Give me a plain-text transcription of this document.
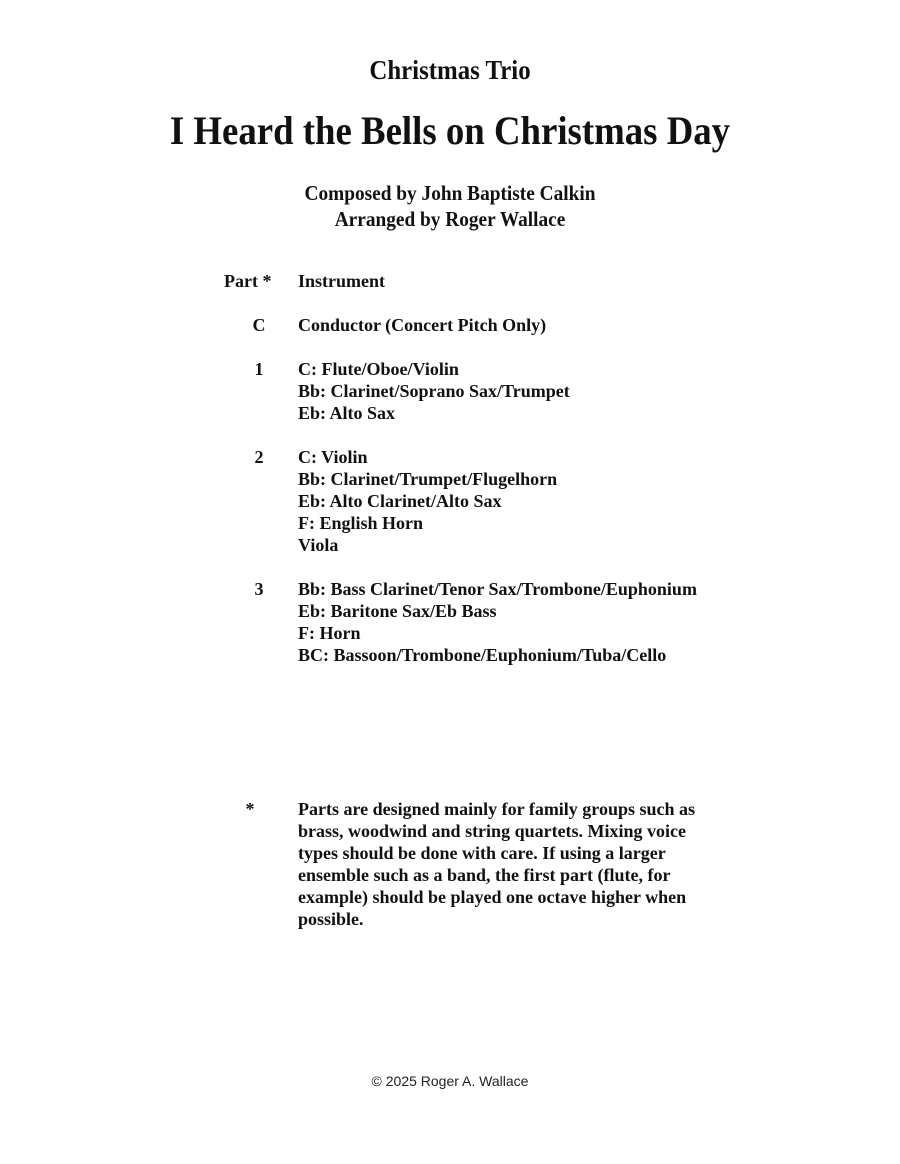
Christmas Trio
I Heard the Bells on Christmas Day
Composed by John Baptiste Calkin
Arranged by Roger Wallace
Part *	Instrument
C	Conductor (Concert Pitch Only)
1	C: Flute/Oboe/Violin
Bb: Clarinet/Soprano Sax/Trumpet
Eb: Alto Sax
2	C: Violin
Bb: Clarinet/Trumpet/Flugelhorn
Eb: Alto Clarinet/Alto Sax
F: English Horn
Viola
3	Bb: Bass Clarinet/Tenor Sax/Trombone/Euphonium
Eb: Baritone Sax/Eb Bass
F: Horn
BC: Bassoon/Trombone/Euphonium/Tuba/Cello
*	Parts are designed mainly for family groups such as
brass, woodwind and string quartets. Mixing voice
types should be done with care. If using a larger
ensemble such as a band, the first part (flute, for
example) should be played one octave higher when
possible.
© 2025 Roger A. Wallace
